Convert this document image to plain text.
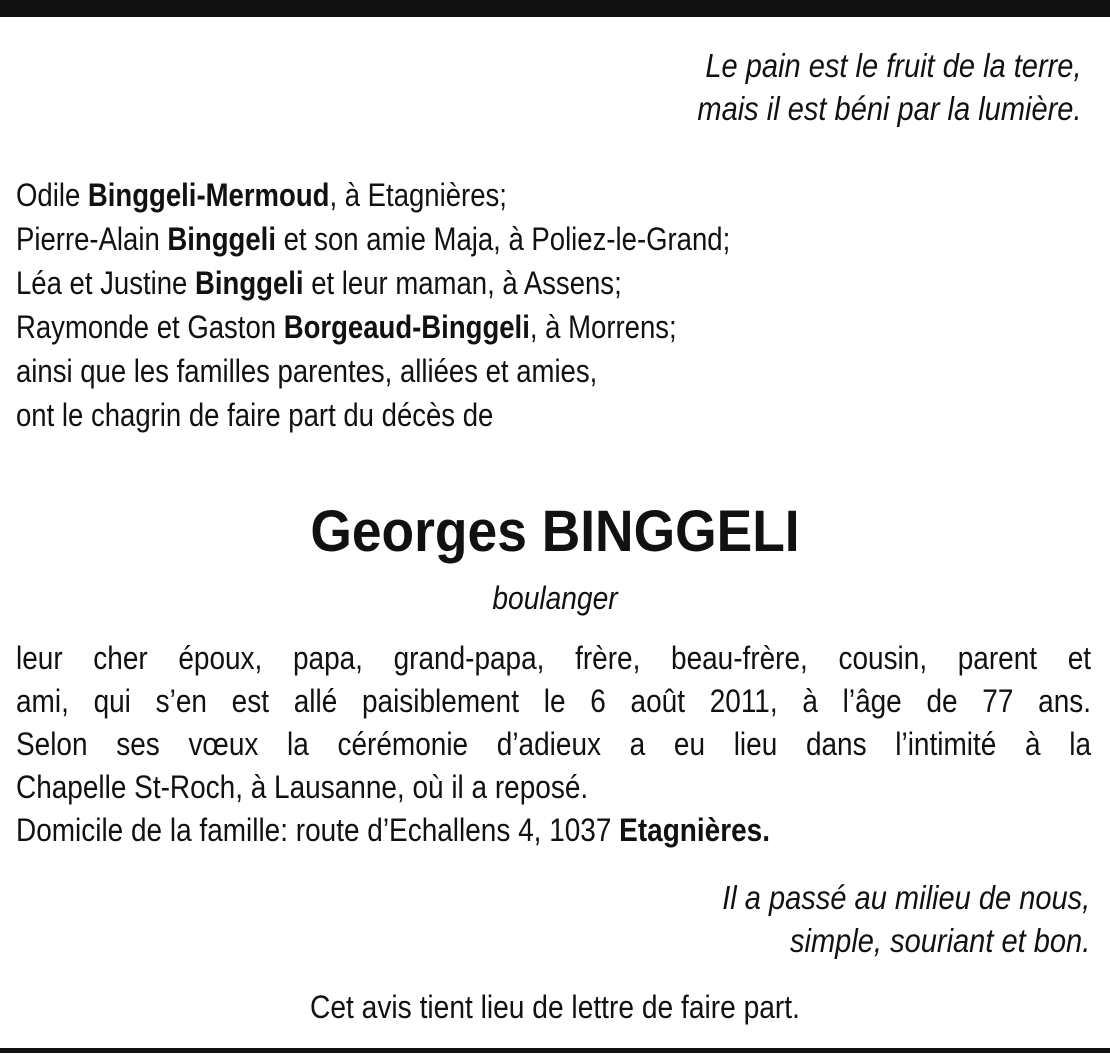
Le pain est le fruit de la terre,
mais il est béni par la lumière.
Odile Binggeli-Mermoud, à Etagnières;
Pierre-Alain Binggeli et son amie Maja, à Poliez-le-Grand;
Léa et Justine Binggeli et leur maman, à Assens;
Raymonde et Gaston Borgeaud-Binggeli, à Morrens;
ainsi que les familles parentes, alliées et amies,
ont le chagrin de faire part du décès de
Georges BINGGELI
boulanger
leur cher époux, papa, grand-papa, frère, beau-frère, cousin, parent et
ami, qui s’en est allé paisiblement le 6 août 2011, à l’âge de 77 ans.
Selon ses vœux la cérémonie d’adieux a eu lieu dans l’intimité à la
Chapelle St-Roch, à Lausanne, où il a reposé.
Domicile de la famille: route d’Echallens 4, 1037 Etagnières.
Il a passé au milieu de nous,
simple, souriant et bon.
Cet avis tient lieu de lettre de faire part.
